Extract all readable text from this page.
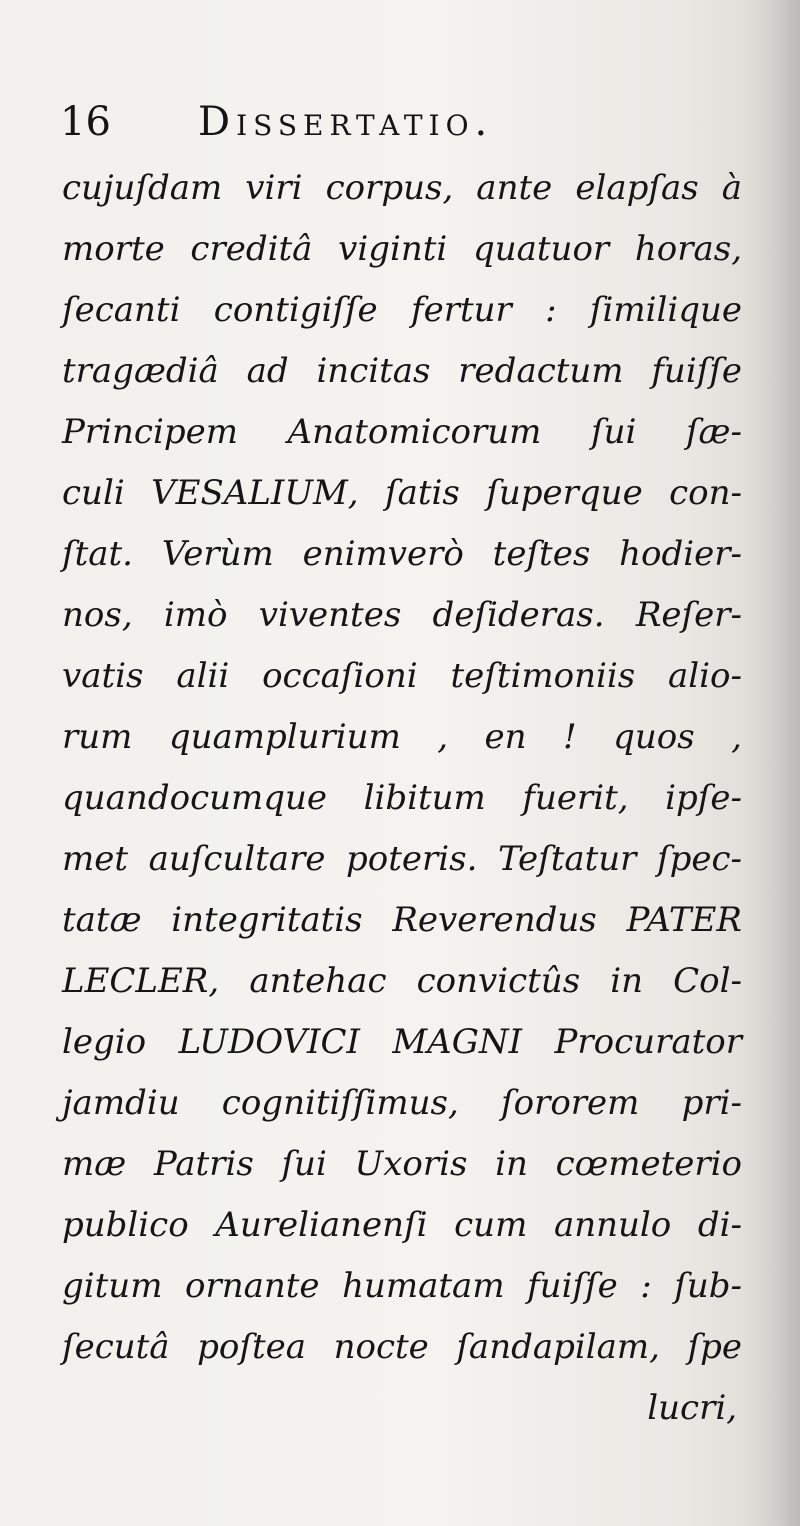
16 Dissertatio.
cujuſdam viri corpus, ante elapſas à
morte creditâ viginti quatuor horas,
ſecanti contigiſſe fertur : ſimilique
tragædiâ ad incitas redactum fuiſſe
Principem Anatomicorum ſui ſæ-
culi VESALIUM, ſatis ſuperque con-
ſtat. Verùm enimverò teſtes hodier-
nos, imò viventes deſideras. Reſer-
vatis alii occaſioni teſtimoniis alio-
rum quamplurium , en ! quos ,
quandocumque libitum fuerit, ipſe-
met auſcultare poteris. Teſtatur ſpec-
tatæ integritatis Reverendus PATER
LECLER, antehac convictûs in Col-
legio LUDOVICI MAGNI Procurator
jamdiu cognitiſſimus, ſororem pri-
mæ Patris ſui Uxoris in cœmeterio
publico Aurelianenſi cum annulo di-
gitum ornante humatam fuiſſe : ſub-
ſecutâ poſtea nocte ſandapilam, ſpe
lucri,
